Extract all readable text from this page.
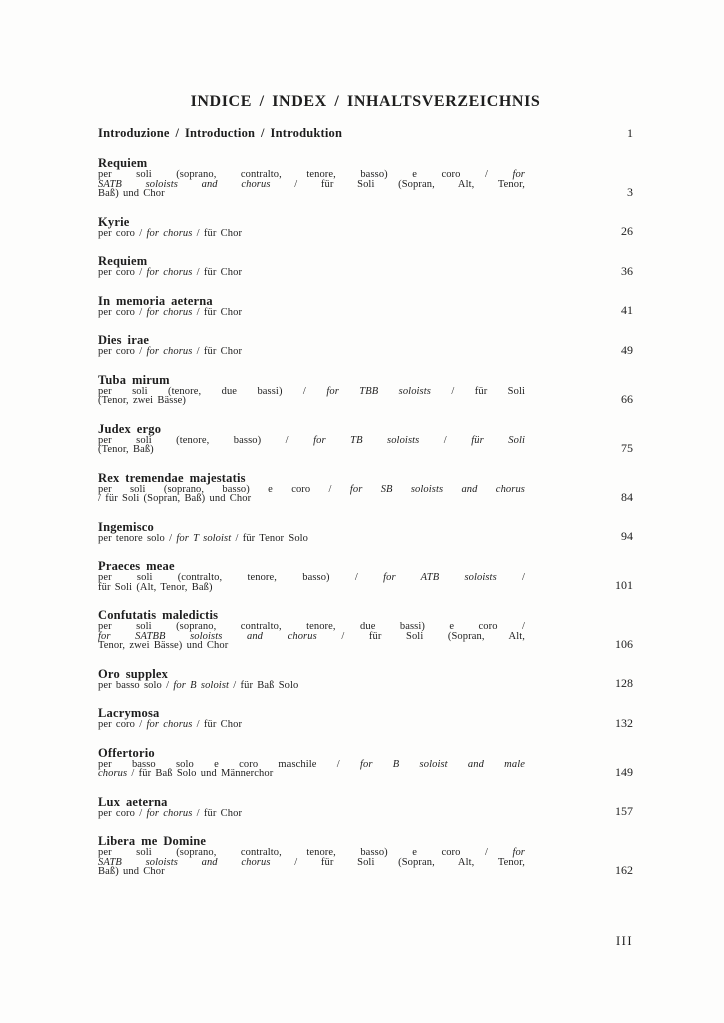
INDICE / INDEX / INHALTSVERZEICHNIS
Introduzione / Introduction / Introduktion	1
Requiem
per soli (soprano, contralto, tenore, basso) e coro / for
SATB soloists and chorus / für Soli (Sopran, Alt, Tenor,
Baß) und Chor	3
Kyrie
per coro / for chorus / für Chor	26
Requiem
per coro / for chorus / für Chor	36
In memoria aeterna
per coro / for chorus / für Chor	41
Dies irae
per coro / for chorus / für Chor	49
Tuba mirum
per soli (tenore, due bassi) / for TBB soloists / für Soli
(Tenor, zwei Bässe)	66
Judex ergo
per soli (tenore, basso) / for TB soloists / für Soli
(Tenor, Baß)	75
Rex tremendae majestatis
per soli (soprano, basso) e coro / for SB soloists and chorus
/ für Soli (Sopran, Baß) und Chor	84
Ingemisco
per tenore solo / for T soloist / für Tenor Solo	94
Praeces meae
per soli (contralto, tenore, basso) / for ATB soloists /
für Soli (Alt, Tenor, Baß)	101
Confutatis maledictis
per soli (soprano, contralto, tenore, due bassi) e coro /
for SATBB soloists and chorus / für Soli (Sopran, Alt,
Tenor, zwei Bässe) und Chor	106
Oro supplex
per basso solo / for B soloist / für Baß Solo	128
Lacrymosa
per coro / for chorus / für Chor	132
Offertorio
per basso solo e coro maschile / for B soloist and male
chorus / für Baß Solo und Männerchor	149
Lux aeterna
per coro / for chorus / für Chor	157
Libera me Domine
per soli (soprano, contralto, tenore, basso) e coro / for
SATB soloists and chorus / für Soli (Sopran, Alt, Tenor,
Baß) und Chor	162
III
